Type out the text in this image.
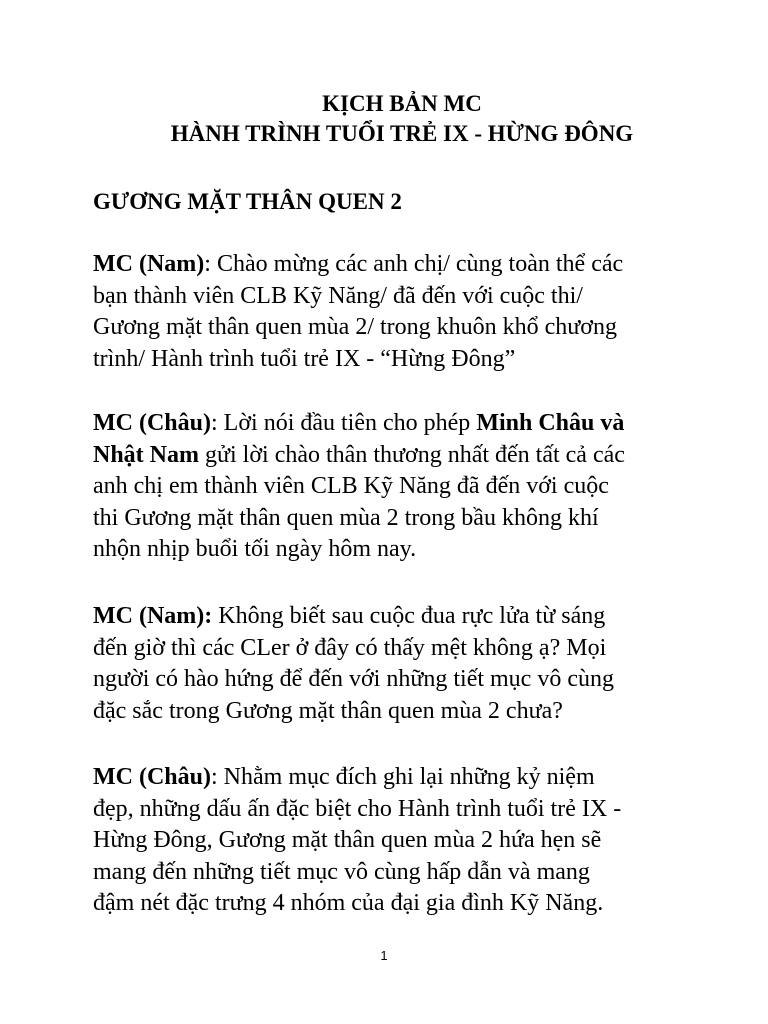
KỊCH BẢN MC
HÀNH TRÌNH TUỔI TRẺ IX - HỪNG ĐÔNG
GƯƠNG MẶT THÂN QUEN 2

MC (Nam): Chào mừng các anh chị/ cùng toàn thể các
bạn thành viên CLB Kỹ Năng/ đã đến với cuộc thi/
Gương mặt thân quen mùa 2/ trong khuôn khổ chương
trình/ Hành trình tuổi trẻ IX - “Hừng Đông”

MC (Châu): Lời nói đầu tiên cho phép Minh Châu và
Nhật Nam gửi lời chào thân thương nhất đến tất cả các
anh chị em thành viên CLB Kỹ Năng đã đến với cuộc
thi Gương mặt thân quen mùa 2 trong bầu không khí
nhộn nhịp buổi tối ngày hôm nay.

MC (Nam): Không biết sau cuộc đua rực lửa từ sáng
đến giờ thì các CLer ở đây có thấy mệt không ạ? Mọi
người có hào hứng để đến với những tiết mục vô cùng
đặc sắc trong Gương mặt thân quen mùa 2 chưa?

MC (Châu): Nhằm mục đích ghi lại những kỷ niệm
đẹp, những dấu ấn đặc biệt cho Hành trình tuổi trẻ IX -
Hừng Đông, Gương mặt thân quen mùa 2 hứa hẹn sẽ
mang đến những tiết mục vô cùng hấp dẫn và mang
đậm nét đặc trưng 4 nhóm của đại gia đình Kỹ Năng.

1
